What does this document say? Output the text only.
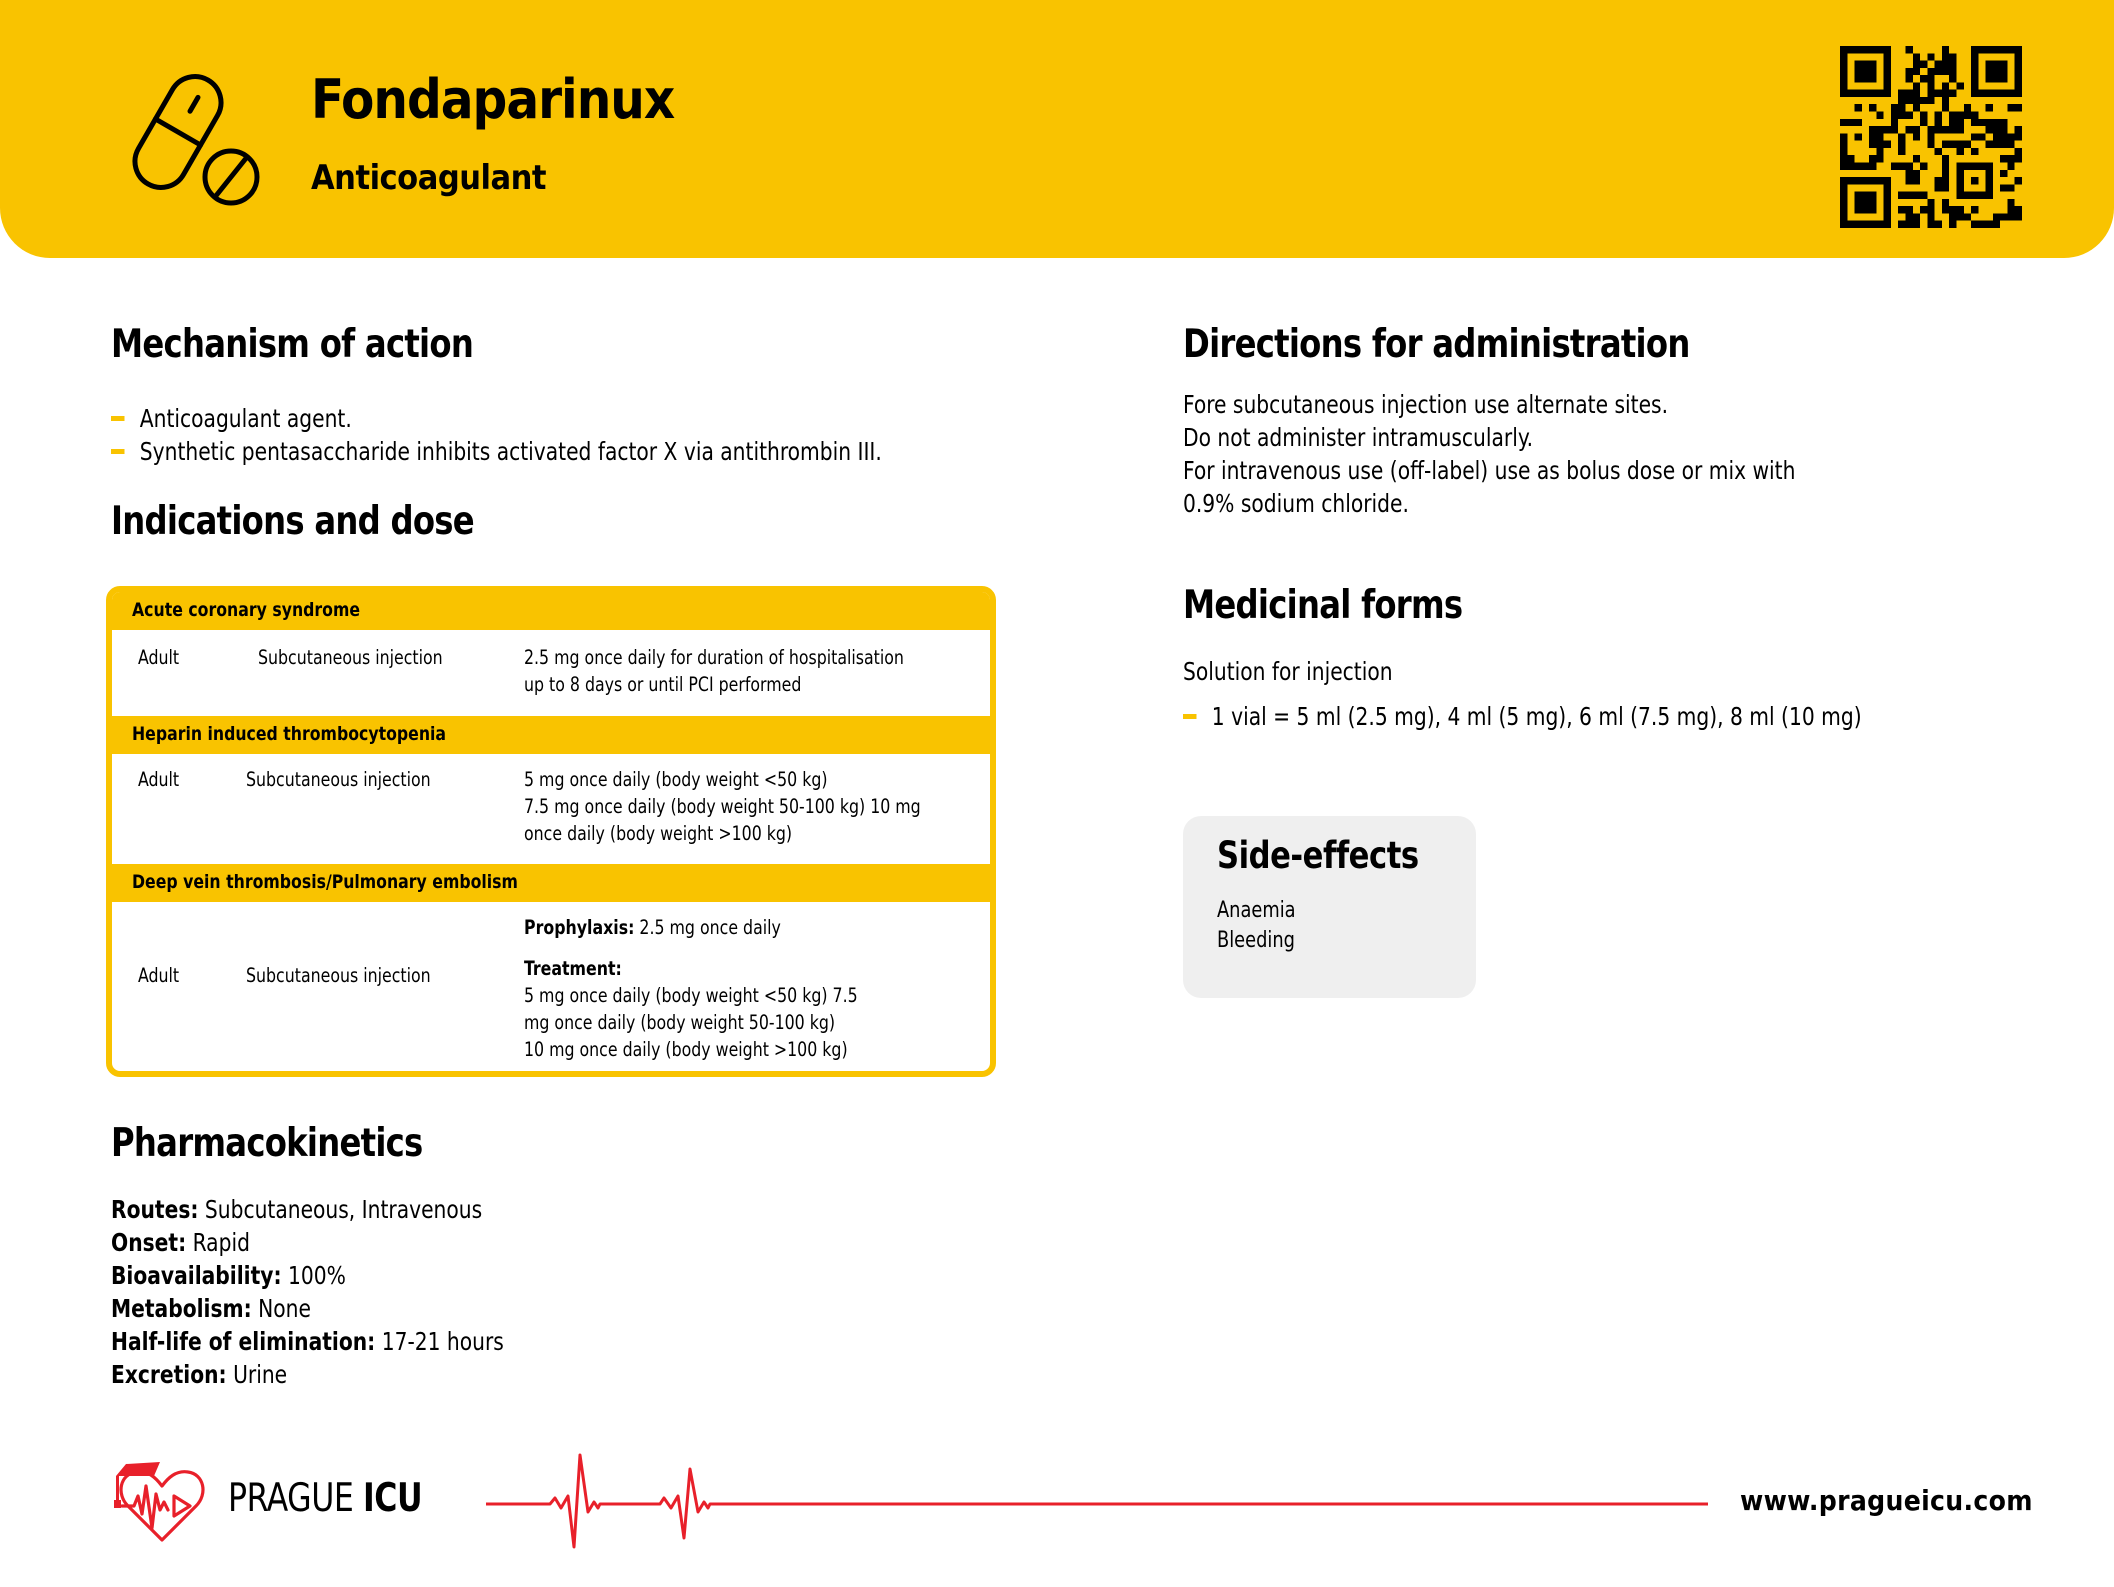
Fondaparinux
Anticoagulant
Mechanism of action
Anticoagulant agent.
Synthetic pentasaccharide inhibits activated factor X via antithrombin III.
Indications and dose
Acute coronary syndrome
Adult	Subcutaneous injection	2.5 mg once daily for duration of hospitalisation
up to 8 days or until PCI performed
Heparin induced thrombocytopenia
Adult	Subcutaneous injection	5 mg once daily (body weight <50 kg)
7.5 mg once daily (body weight 50-100 kg) 10 mg
once daily (body weight >100 kg)
Deep vein thrombosis/Pulmonary embolism
Adult	Subcutaneous injection
Prophylaxis: 2.5 mg once daily
Treatment:
5 mg once daily (body weight <50 kg) 7.5
mg once daily (body weight 50-100 kg)
10 mg once daily (body weight >100 kg)
Pharmacokinetics
Routes: Subcutaneous, Intravenous
Onset: Rapid
Bioavailability: 100%
Metabolism: None
Half-life of elimination: 17-21 hours
Excretion: Urine
Directions for administration
Fore subcutaneous injection use alternate sites.
Do not administer intramuscularly.
For intravenous use (off-label) use as bolus dose or mix with
0.9% sodium chloride.
Medicinal forms
Solution for injection
1 vial = 5 ml (2.5 mg), 4 ml (5 mg), 6 ml (7.5 mg), 8 ml (10 mg)
Side-effects
Anaemia
Bleeding
PRAGUE ICU	www.pragueicu.com
